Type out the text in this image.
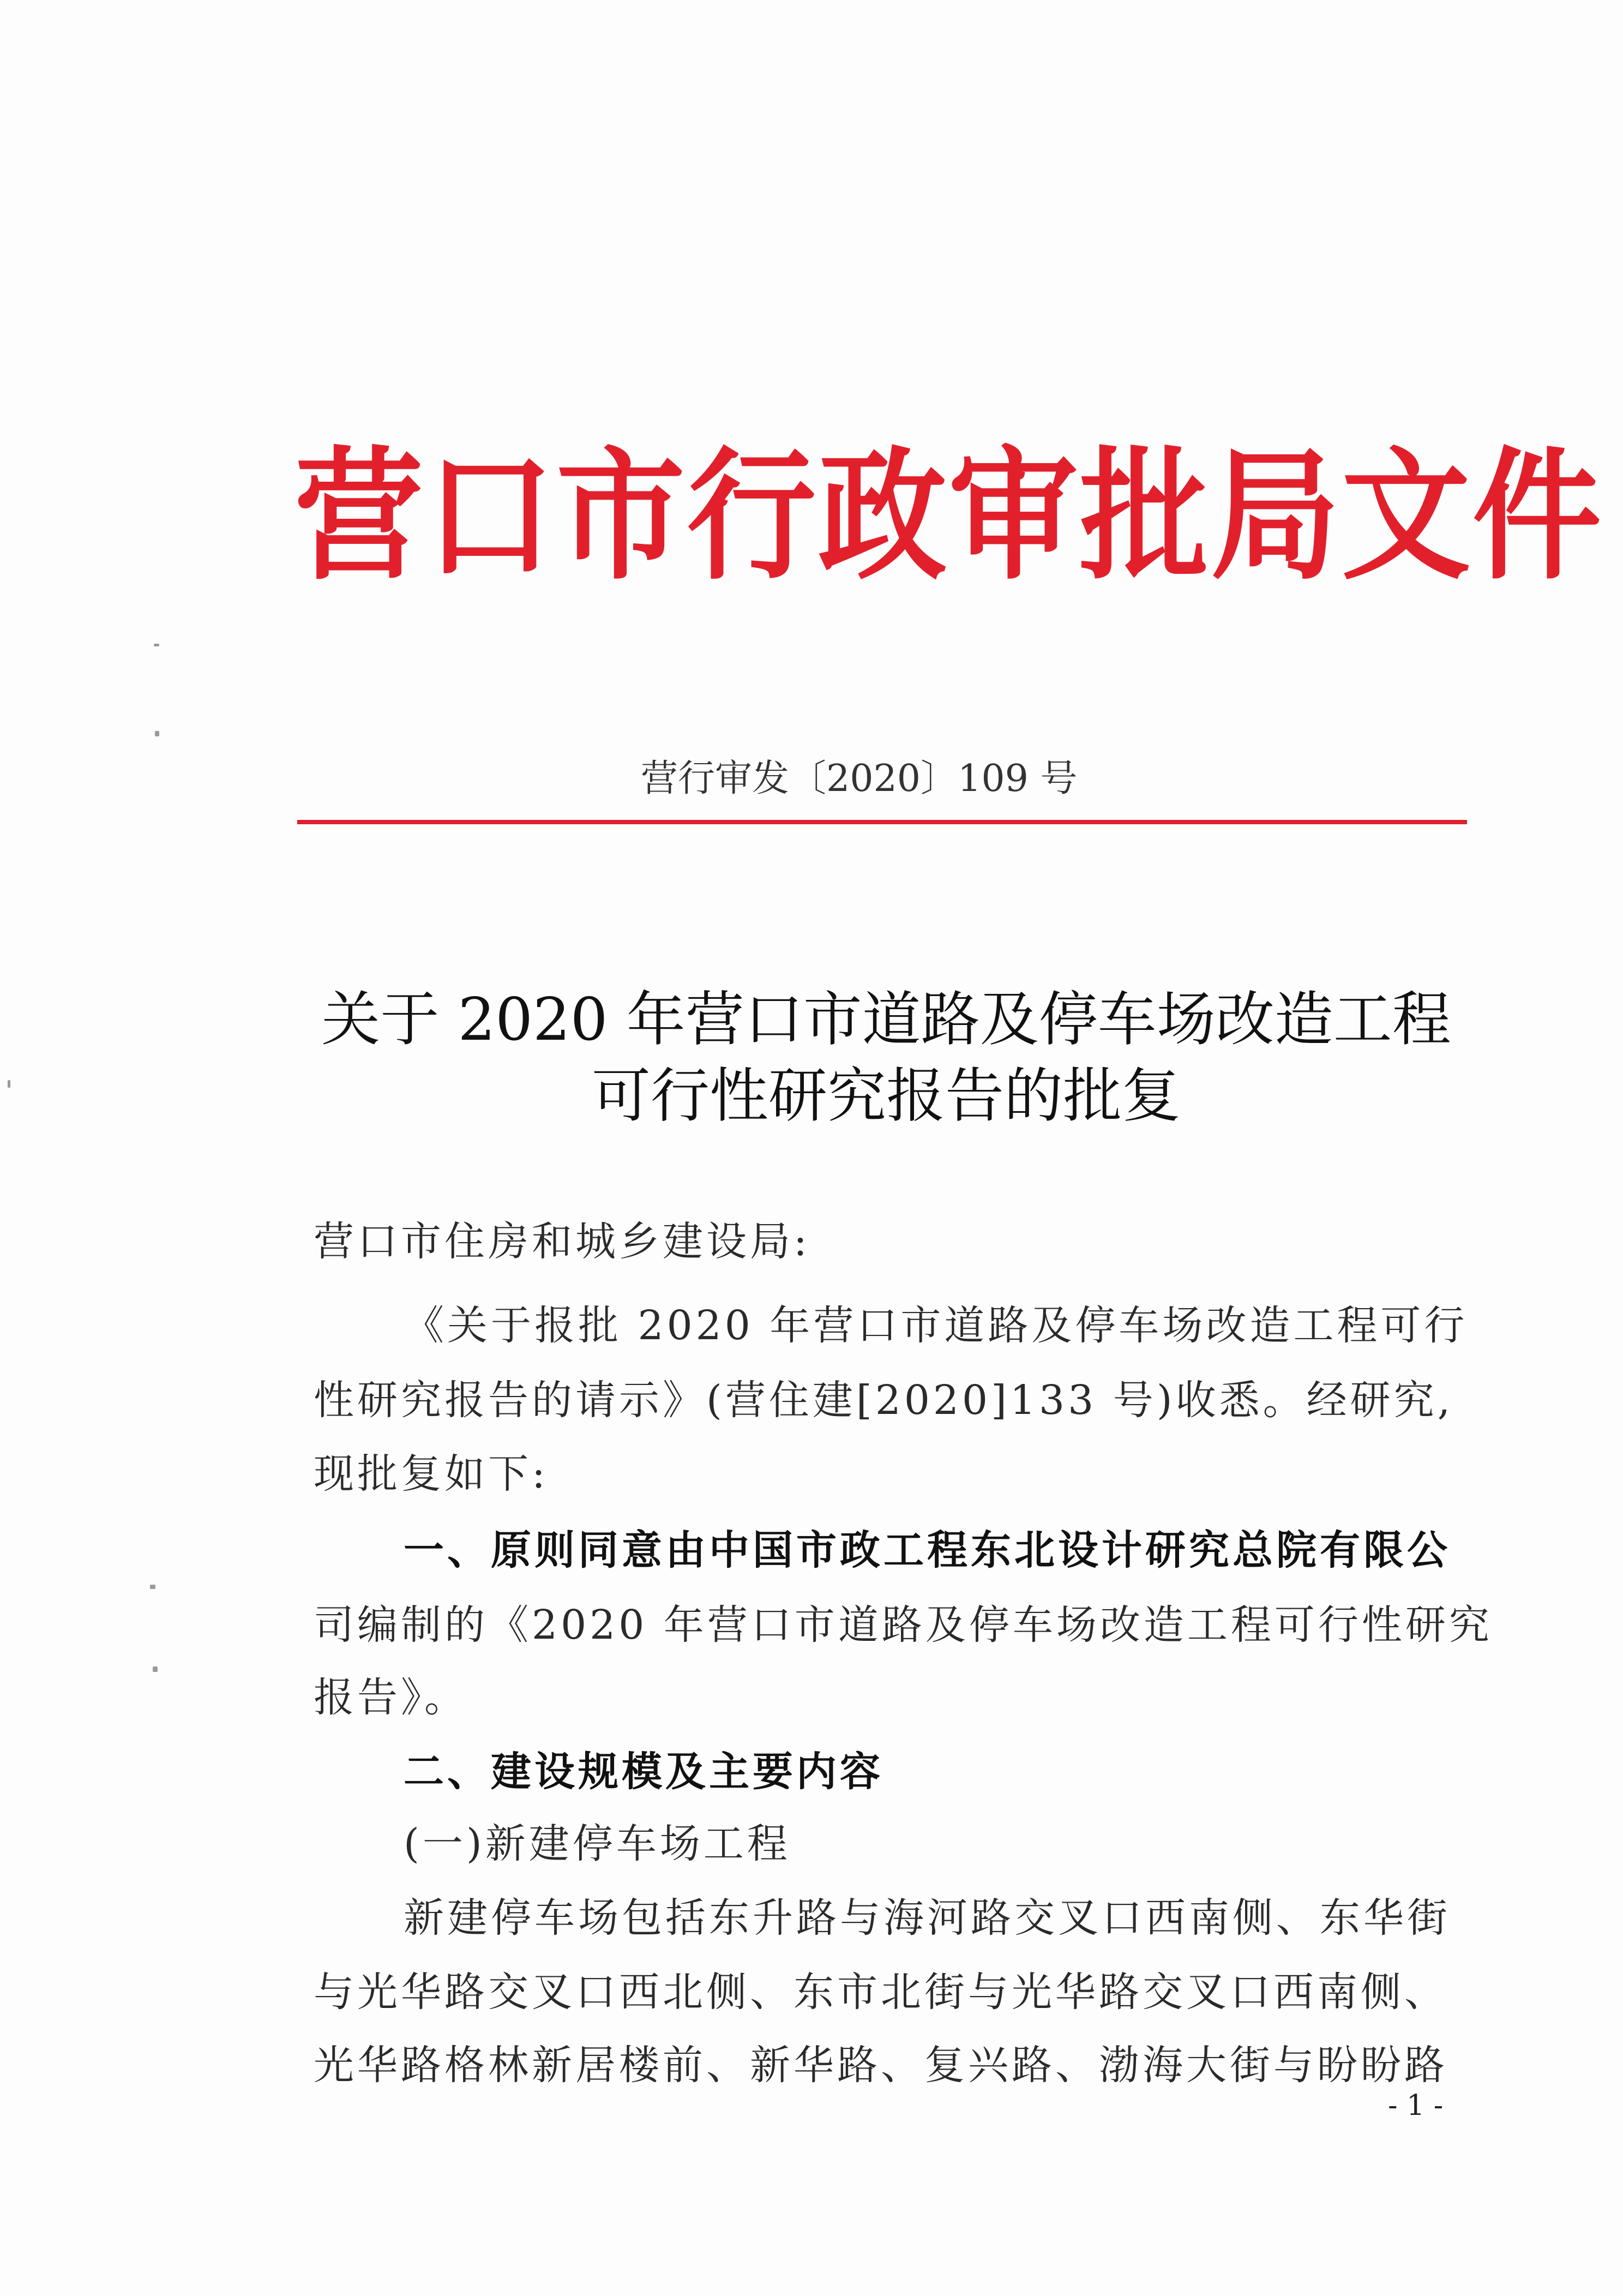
营口市行政审批局文件
营行审发〔2020〕109 号
关于 2020 年营口市道路及停车场改造工程
可行性研究报告的批复
营口市住房和城乡建设局:
《关于报批 2020 年营口市道路及停车场改造工程可行
性研究报告的请示》(营住建[2020]133 号)收悉。经研究,
现批复如下:
一、原则同意由中国市政工程东北设计研究总院有限公
司编制的《2020 年营口市道路及停车场改造工程可行性研究
报告》。
二、建设规模及主要内容
(一)新建停车场工程
新建停车场包括东升路与海河路交叉口西南侧、东华街
与光华路交叉口西北侧、东市北街与光华路交叉口西南侧、
光华路格林新居楼前、新华路、复兴路、渤海大街与盼盼路
- 1 -
